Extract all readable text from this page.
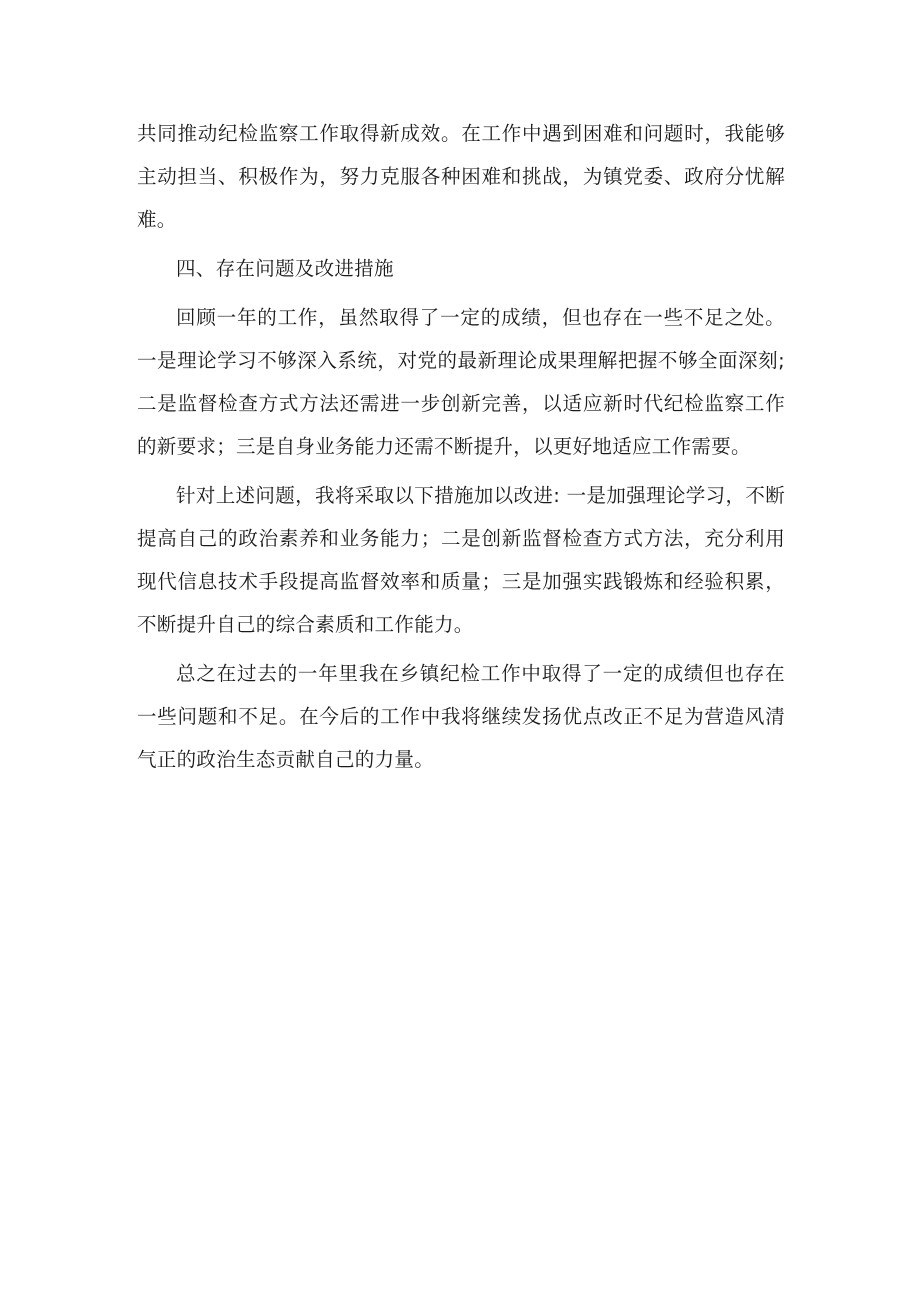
共同推动纪检监察工作取得新成效。在工作中遇到困难和问题时，我能够主动担当、积极作为，努力克服各种困难和挑战，为镇党委、政府分忧解难。

四、存在问题及改进措施

回顾一年的工作，虽然取得了一定的成绩，但也存在一些不足之处。一是理论学习不够深入系统，对党的最新理论成果理解把握不够全面深刻;二是监督检查方式方法还需进一步创新完善，以适应新时代纪检监察工作的新要求；三是自身业务能力还需不断提升，以更好地适应工作需要。

针对上述问题，我将采取以下措施加以改进: 一是加强理论学习，不断提高自己的政治素养和业务能力；二是创新监督检查方式方法，充分利用现代信息技术手段提高监督效率和质量；三是加强实践锻炼和经验积累，不断提升自己的综合素质和工作能力。

总之在过去的一年里我在乡镇纪检工作中取得了一定的成绩但也存在一些问题和不足。在今后的工作中我将继续发扬优点改正不足为营造风清气正的政治生态贡献自己的力量。
